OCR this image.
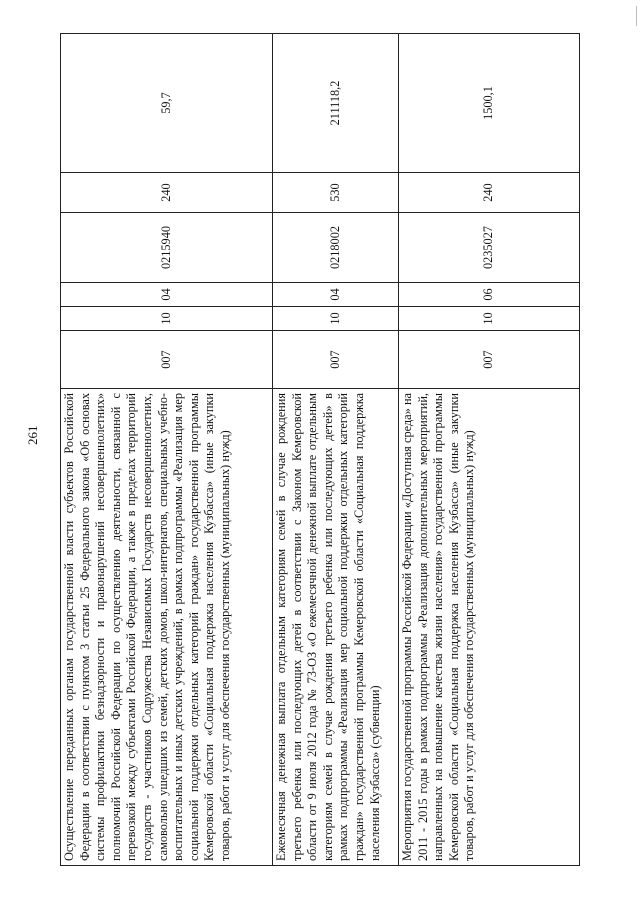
261 Осуществление переданных органам государственной власти субъектов Российской Федерации в соответствии с пунктом 3 статьи 25 Федерального закона «Об основах системы профилактики безнадзорности и правонарушений несовершеннолетних» полномочий Российской Федерации по осуществлению деятельности, связанной с перевозкой между субъектами Российской Федерации, а также в пределах территорий государств - участников Содружества Независимых Государств несовершеннолетних, самовольно ушедших из семей, детских домов, школ-интернатов, специальных учебно-воспитательных и иных детских учреждений, в рамках подпрограммы «Реализация мер социальной поддержки отдельных категорий граждан» государственной программы Кемеровской области «Социальная поддержка населения Кузбасса» (иные закупки товаров, работ и услуг для обеспечения государственных (муниципальных) нужд)	007	10	04	0215940	240	59,7
Ежемесячная денежная выплата отдельным категориям семей в случае рождения третьего ребенка или последующих детей в соответствии с Законом Кемеровской области от 9 июля 2012 года № 73-ОЗ «О ежемесячной денежной выплате отдельным категориям семей в случае рождения третьего ребенка или последующих детей» в рамках подпрограммы «Реализация мер социальной поддержки отдельных категорий граждан» государственной программы Кемеровской области «Социальная поддержка населения Кузбасса» (субвенции)	007	10	04	0218002	530	211118,2
Мероприятия государственной программы Российской Федерации «Доступная среда» на 2011 - 2015 годы в рамках подпрограммы «Реализация дополнительных мероприятий, направленных на повышение качества жизни населения» государственной программы Кемеровской области «Социальная поддержка населения Кузбасса» (иные закупки товаров, работ и услуг для обеспечения государственных (муниципальных) нужд)	007	10	06	0235027	240	1500,1
